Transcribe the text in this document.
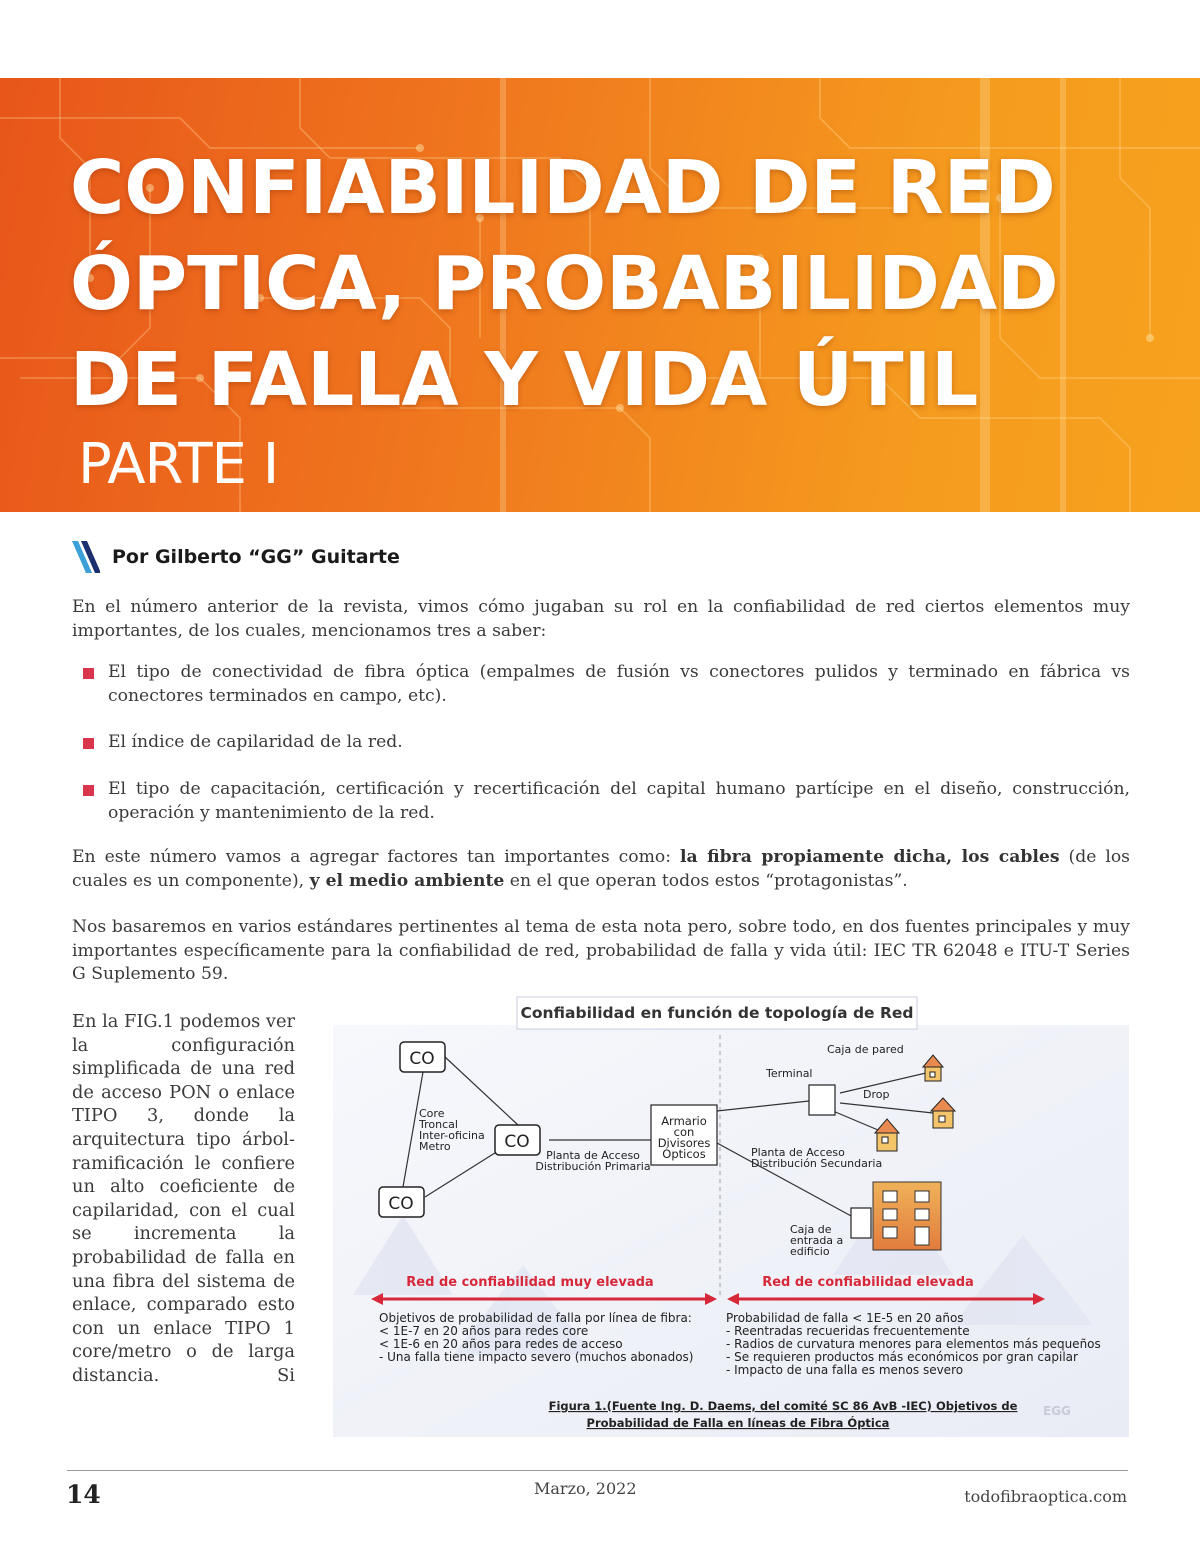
CONFIABILIDAD DE RED
ÓPTICA, PROBABILIDAD
DE FALLA Y VIDA ÚTIL
PARTE I
Por Gilberto “GG” Guitarte

En el número anterior de la revista, vimos cómo jugaban su rol en la confiabilidad de red ciertos elementos muy importantes, de los cuales, mencionamos tres a saber:

El tipo de conectividad de fibra óptica (empalmes de fusión vs conectores pulidos y terminado en fábrica vs conectores terminados en campo, etc).
El índice de capilaridad de la red.
El tipo de capacitación, certificación y recertificación del capital humano partícipe en el diseño, construcción, operación y mantenimiento de la red.

En este número vamos a agregar factores tan importantes como: la fibra propiamente dicha, los cables (de los cuales es un componente), y el medio ambiente en el que operan todos estos “protagonistas”.

Nos basaremos en varios estándares pertinentes al tema de esta nota pero, sobre todo, en dos fuentes principales y muy importantes específicamente para la confiabilidad de red, probabilidad de falla y vida útil: IEC TR 62048 e ITU-T Series G Suplemento 59.

En la FIG.1 podemos ver la configuración simplificada de una red de acceso PON o enlace TIPO 3, donde la arquitectura tipo árbol-ramificación le confiere un alto coeficiente de capilaridad, con el cual se incrementa la probabilidad de falla en una fibra del sistema de enlace, comparado esto con un enlace TIPO 1 core/metro o de larga distancia. Si

Confiabilidad en función de topología de Red
CO
CO
CO
Core
Troncal
Inter-oficina
Metro
Planta de Acceso
Distribución Primaria
Armario
con
Divisores
Ópticos
Caja de pared
Terminal
Drop
Planta de Acceso
Distribución Secundaria
Caja de
entrada a
edificio
Red de confiabilidad muy elevada	Red de confiabilidad elevada
Objetivos de probabilidad de falla por línea de fibra:
< 1E-7 en 20 años para redes core
< 1E-6 en 20 años para redes de acceso
- Una falla tiene impacto severo (muchos abonados)
Probabilidad de falla < 1E-5 en 20 años
- Reentradas recueridas frecuentemente
- Radios de curvatura menores para elementos más pequeños
- Se requieren productos más económicos por gran capilar
- Impacto de una falla es menos severo
Figura 1.(Fuente Ing. D. Daems, del comité SC 86 AvB -IEC) Objetivos de
Probabilidad de Falla en líneas de Fibra Óptica
EGG
14	Marzo, 2022	todofibraoptica.com
